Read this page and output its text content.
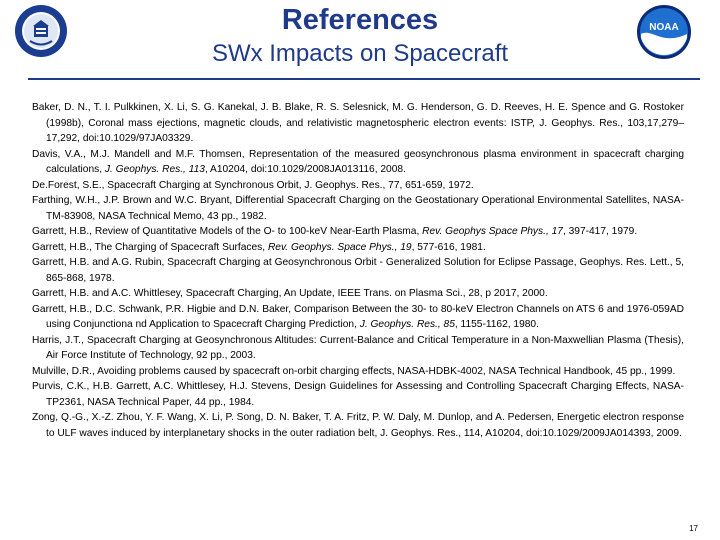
References
SWx Impacts on Spacecraft
NOAA
Baker, D. N., T. I. Pulkkinen, X. Li, S. G. Kanekal, J. B. Blake, R. S. Selesnick, M. G. Henderson, G. D. Reeves, H. E. Spence and G. Rostoker (1998b), Coronal mass ejections, magnetic clouds, and relativistic magnetospheric electron events: ISTP, J. Geophys. Res., 103,17,279–17,292, doi:10.1029/97JA03329.
Davis, V.A., M.J. Mandell and M.F. Thomsen, Representation of the measured geosynchronous plasma environment in spacecraft charging calculations, J. Geophys. Res., 113, A10204, doi:10.1029/2008JA013116, 2008.
De.Forest, S.E., Spacecraft Charging at Synchronous Orbit, J. Geophys. Res., 77, 651-659, 1972.
Farthing, W.H., J.P. Brown and W.C. Bryant, Differential Spacecraft Charging on the Geostationary Operational Environmental Satellites, NASA-TM-83908, NASA Technical Memo, 43 pp., 1982.
Garrett, H.B., Review of Quantitative Models of the O- to 100-keV Near-Earth Plasma, Rev. Geophys Space Phys., 17, 397-417, 1979.
Garrett, H.B., The Charging of Spacecraft Surfaces, Rev. Geophys. Space Phys., 19, 577-616, 1981.
Garrett, H.B. and A.G. Rubin, Spacecraft Charging at Geosynchronous Orbit - Generalized Solution for Eclipse Passage, Geophys. Res. Lett., 5, 865-868, 1978.
Garrett, H.B. and A.C. Whittlesey, Spacecraft Charging, An Update, IEEE Trans. on Plasma Sci., 28, p 2017, 2000.
Garrett, H.B., D.C. Schwank, P.R. Higbie and D.N. Baker, Comparison Between the 30- to 80-keV Electron Channels on ATS 6 and 1976-059AD using Conjunctiona nd Application to Spacecraft Charging Prediction, J. Geophys. Res., 85, 1155-1162, 1980.
Harris, J.T., Spacecraft Charging at Geosynchronous Altitudes: Current-Balance and Critical Temperature in a Non-Maxwellian Plasma (Thesis), Air Force Institute of Technology, 92 pp., 2003.
Mulville, D.R., Avoiding problems caused by spacecraft on-orbit charging effects, NASA-HDBK-4002, NASA Technical Handbook, 45 pp., 1999.
Purvis, C.K., H.B. Garrett, A.C. Whittlesey, H.J. Stevens, Design Guidelines for Assessing and Controlling Spacecraft Charging Effects, NASA-TP2361, NASA Technical Paper, 44 pp., 1984.
Zong, Q.-G., X.-Z. Zhou, Y. F. Wang, X. Li, P. Song, D. N. Baker, T. A. Fritz, P. W. Daly, M. Dunlop, and A. Pedersen, Energetic electron response to ULF waves induced by interplanetary shocks in the outer radiation belt, J. Geophys. Res., 114, A10204, doi:10.1029/2009JA014393, 2009.
17
